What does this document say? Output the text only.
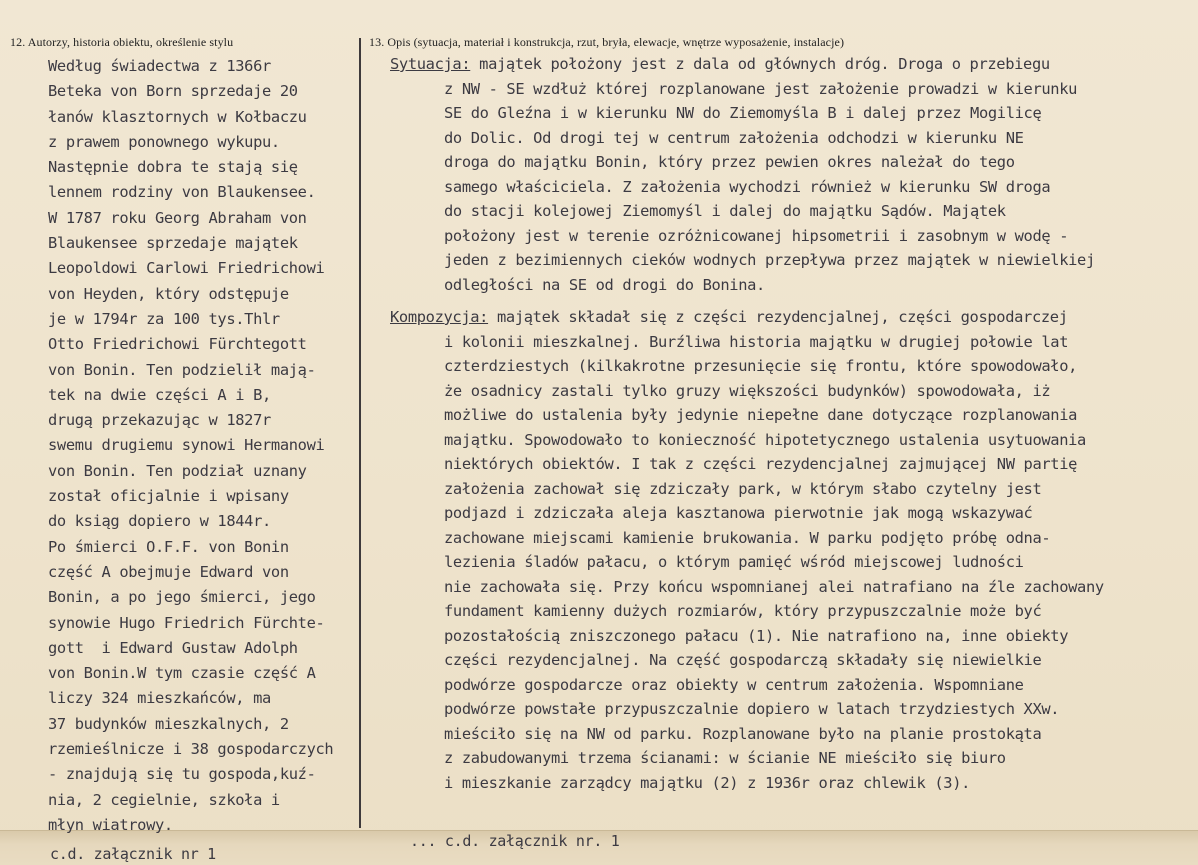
12. Autorzy, historia obiektu, określenie stylu	13. Opis (sytuacja, materiał i konstrukcja, rzut, bryła, elewacje, wnętrze wyposażenie, instalacje)
Według świadectwa z 1366r
Beteka von Born sprzedaje 20
łanów klasztornych w Kołbaczu
z prawem ponownego wykupu.
Następnie dobra te stają się
lennem rodziny von Blaukensee.
W 1787 roku Georg Abraham von
Blaukensee sprzedaje majątek
Leopoldowi Carlowi Friedrichowi
von Heyden, który odstępuje
je w 1794r za 100 tys.Thlr
Otto Friedrichowi Fürchtegott
von Bonin. Ten podzielił mają-
tek na dwie części A i B,
drugą przekazując w 1827r
swemu drugiemu synowi Hermanowi
von Bonin. Ten podział uznany
został oficjalnie i wpisany
do ksiąg dopiero w 1844r.
Po śmierci O.F.F. von Bonin
część A obejmuje Edward von
Bonin, a po jego śmierci, jego
synowie Hugo Friedrich Fürchte-
gott  i Edward Gustaw Adolph
von Bonin.W tym czasie część A
liczy 324 mieszkańców, ma
37 budynków mieszkalnych, 2
rzemieślnicze i 38 gospodarczych
- znajdują się tu gospoda,kuź-
nia, 2 cegielnie, szkoła i
młyn wiatrowy.
Sytuacja: majątek położony jest z dala od głównych dróg. Droga o przebiegu
z NW - SE wzdłuż której rozplanowane jest założenie prowadzi w kierunku
SE do Gleźna i w kierunku NW do Ziemomyśla B i dalej przez Mogilicę
do Dolic. Od drogi tej w centrum założenia odchodzi w kierunku NE
droga do majątku Bonin, który przez pewien okres należał do tego
samego właściciela. Z założenia wychodzi również w kierunku SW droga
do stacji kolejowej Ziemomyśl i dalej do majątku Sądów. Majątek
położony jest w terenie ozróżnicowanej hipsometrii i zasobnym w wodę -
jeden z bezimiennych cieków wodnych przepływa przez majątek w niewielkiej
odległości na SE od drogi do Bonina.
Kompozycja: majątek składał się z części rezydencjalnej, części gospodarczej
i kolonii mieszkalnej. Burźliwa historia majątku w drugiej połowie lat
czterdziestych (kilkakrotne przesunięcie się frontu, które spowodowało,
że osadnicy zastali tylko gruzy większości budynków) spowodowała, iż
możliwe do ustalenia były jedynie niepełne dane dotyczące rozplanowania
majątku. Spowodowało to konieczność hipotetycznego ustalenia usytuowania
niektórych obiektów. I tak z części rezydencjalnej zajmującej NW partię
założenia zachował się zdziczały park, w którym słabo czytelny jest
podjazd i zdziczała aleja kasztanowa pierwotnie jak mogą wskazywać
zachowane miejscami kamienie brukowania. W parku podjęto próbę odna-
lezienia śladów pałacu, o którym pamięć wśród miejscowej ludności
nie zachowała się. Przy końcu wspomnianej alei natrafiano na źle zachowany
fundament kamienny dużych rozmiarów, który przypuszczalnie może być
pozostałością zniszczonego pałacu (1). Nie natrafiono na, inne obiekty
części rezydencjalnej. Na część gospodarczą składały się niewielkie
podwórze gospodarcze oraz obiekty w centrum założenia. Wspomniane
podwórze powstałe przypuszczalnie dopiero w latach trzydziestych XXw.
mieściło się na NW od parku. Rozplanowane było na planie prostokąta
z zabudowanymi trzema ścianami: w ścianie NE mieściło się biuro
i mieszkanie zarządcy majątku (2) z 1936r oraz chlewik (3).
c.d. załącznik nr 1
... c.d. załącznik nr. 1
